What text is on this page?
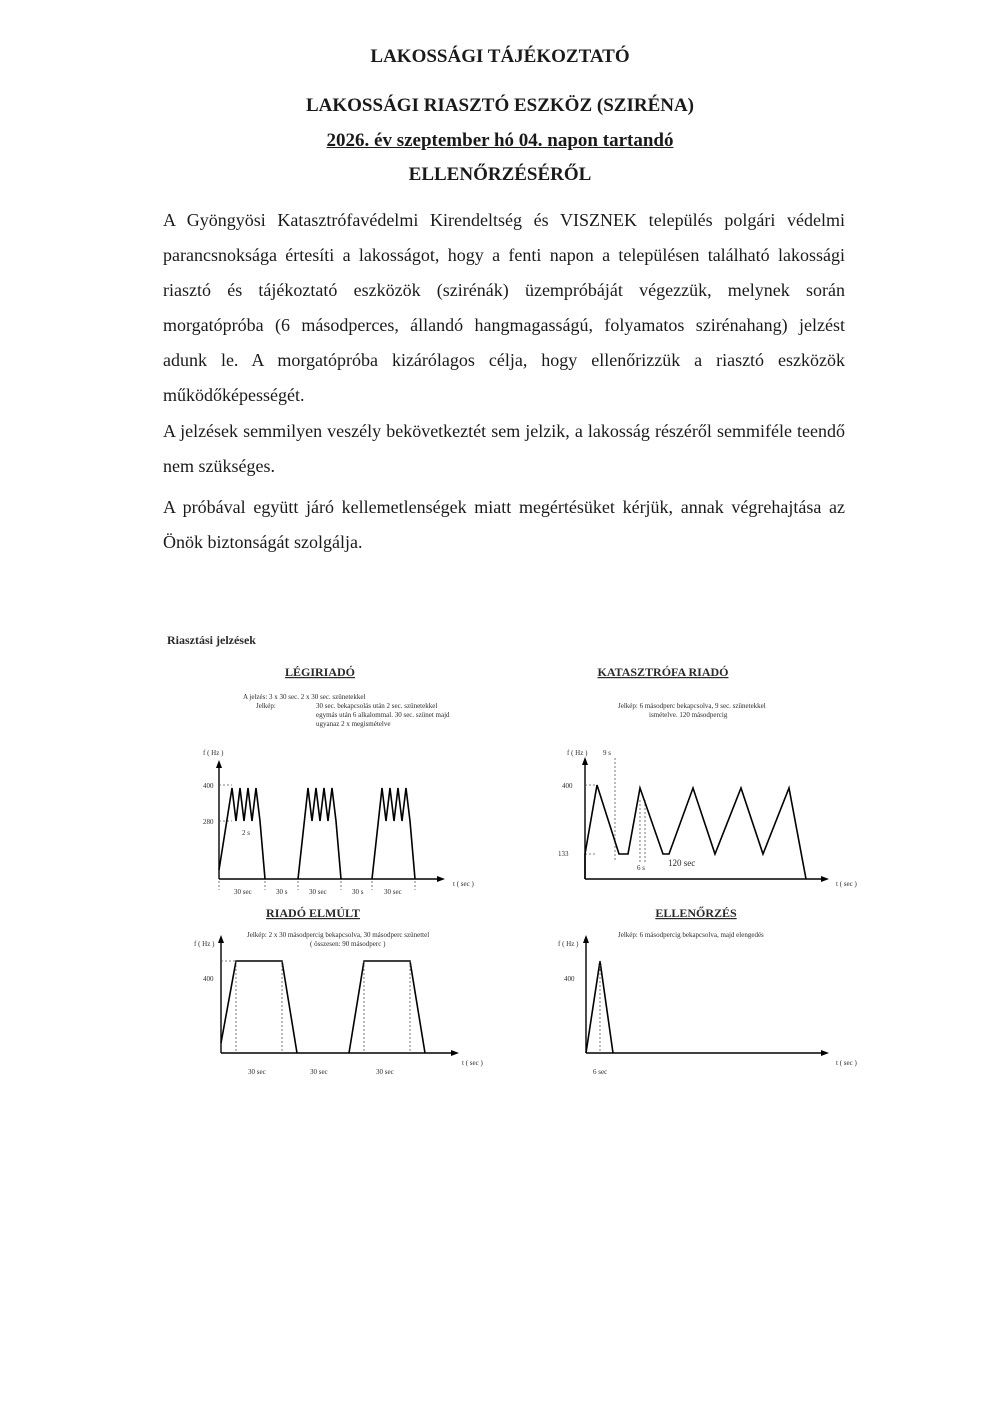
LAKOSSÁGI TÁJÉKOZTATÓ
LAKOSSÁGI RIASZTÓ ESZKÖZ (SZIRÉNA)
2026. év szeptember hó 04. napon tartandó
ELLENŐRZÉSÉRŐL

A Gyöngyösi Katasztrófavédelmi Kirendeltség és VISZNEK település polgári védelmi parancsnoksága értesíti a lakosságot, hogy a fenti napon a településen található lakossági riasztó és tájékoztató eszközök (szirénák) üzempróbáját végezzük, melynek során morgatópróba (6 másodperces, állandó hangmagasságú, folyamatos szirénahang) jelzést adunk le. A morgatópróba kizárólagos célja, hogy ellenőrizzük a riasztó eszközök működőképességét.

A jelzések semmilyen veszély bekövetkeztét sem jelzik, a lakosság részéről semmiféle teendő nem szükséges.

A próbával együtt járó kellemetlenségek miatt megértésüket kérjük, annak végrehajtása az Önök biztonságát szolgálja.

Riasztási jelzések
LÉGIRIADÓ
A jelzés: 3 x 30 sec. 2 x 30 sec. szünetekkel
Jelkép:	30 sec. bekapcsolás után 2 sec. szünetekkel
egymás után 6 alkalommal. 30 sec. szünet majd
ugyanaz 2 x megismételve
f ( Hz )
t ( sec )
400
280
2 s
30 sec	30 s	30 sec	30 s	30 sec
KATASZTRÓFA RIADÓ
Jelkép: 6 másodperc bekapcsolva, 9 sec. szünetekkel
ismételve. 120 másodpercig
f ( Hz ) 9 s
t ( sec )
400
133
6 s	120 sec
RIADÓ ELMÚLT
Jelkép: 2 x 30 másodpercig bekapcsolva, 30 másodperc szünettel
( összesen: 90 másodperc )
f ( Hz )
t ( sec )
400
30 sec	30 sec	30 sec
ELLENŐRZÉS
Jelkép: 6 másodpercig bekapcsolva, majd elengedés
f ( Hz )
t ( sec )
400
6 sec
